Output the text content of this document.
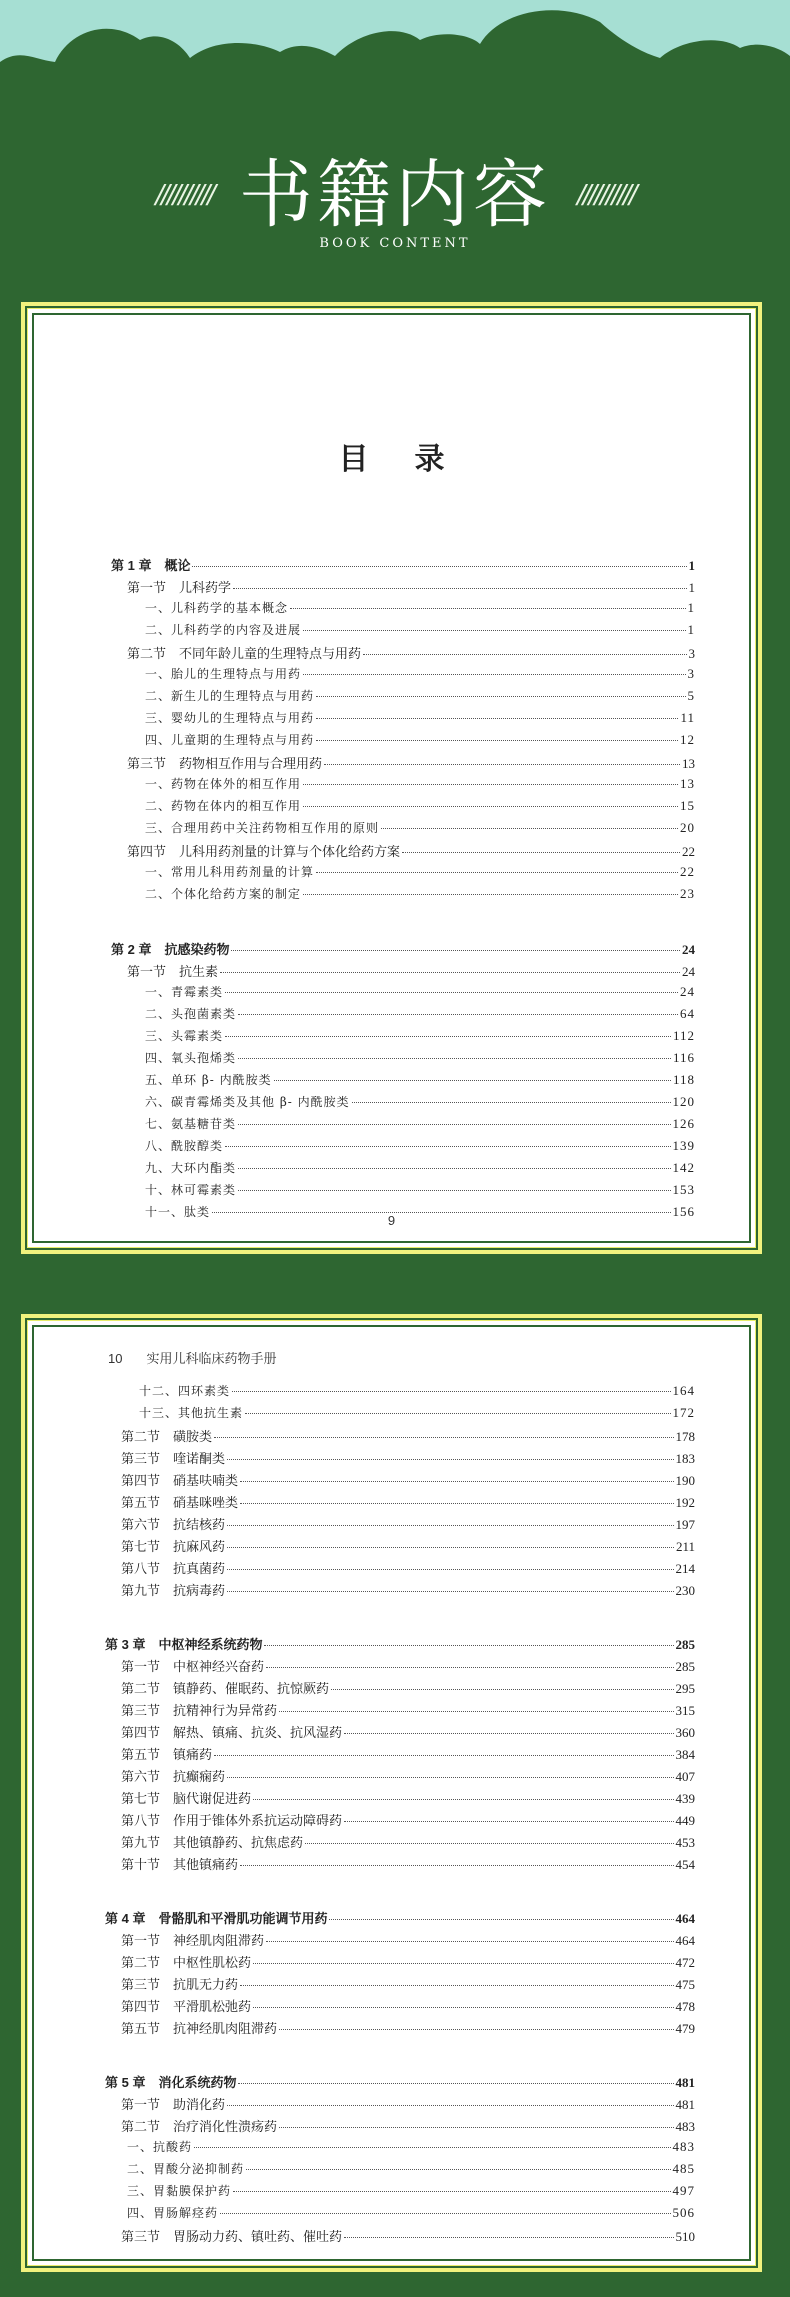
////////// 书籍内容 //////////
BOOK CONTENT
目录
第 1 章　概论	1
第一节　儿科药学	1
一、儿科药学的基本概念	1
二、儿科药学的内容及进展	1
第二节　不同年龄儿童的生理特点与用药	3
一、胎儿的生理特点与用药	3
二、新生儿的生理特点与用药	5
三、婴幼儿的生理特点与用药	11
四、儿童期的生理特点与用药	12
第三节　药物相互作用与合理用药	13
一、药物在体外的相互作用	13
二、药物在体内的相互作用	15
三、合理用药中关注药物相互作用的原则	20
第四节　儿科用药剂量的计算与个体化给药方案	22
一、常用儿科用药剂量的计算	22
二、个体化给药方案的制定	23
第 2 章　抗感染药物	24
第一节　抗生素	24
一、青霉素类	24
二、头孢菌素类	64
三、头霉素类	112
四、氧头孢烯类	116
五、单环 β- 内酰胺类	118
六、碳青霉烯类及其他 β- 内酰胺类	120
七、氨基糖苷类	126
八、酰胺醇类	139
九、大环内酯类	142
十、林可霉素类	153
十一、肽类	156
9
10 实用儿科临床药物手册
十二、四环素类	164
十三、其他抗生素	172
第二节　磺胺类	178
第三节　喹诺酮类	183
第四节　硝基呋喃类	190
第五节　硝基咪唑类	192
第六节　抗结核药	197
第七节　抗麻风药	211
第八节　抗真菌药	214
第九节　抗病毒药	230
第 3 章　中枢神经系统药物	285
第一节　中枢神经兴奋药	285
第二节　镇静药、催眠药、抗惊厥药	295
第三节　抗精神行为异常药	315
第四节　解热、镇痛、抗炎、抗风湿药	360
第五节　镇痛药	384
第六节　抗癫痫药	407
第七节　脑代谢促进药	439
第八节　作用于锥体外系抗运动障碍药	449
第九节　其他镇静药、抗焦虑药	453
第十节　其他镇痛药	454
第 4 章　骨骼肌和平滑肌功能调节用药	464
第一节　神经肌肉阻滞药	464
第二节　中枢性肌松药	472
第三节　抗肌无力药	475
第四节　平滑肌松弛药	478
第五节　抗神经肌肉阻滞药	479
第 5 章　消化系统药物	481
第一节　助消化药	481
第二节　治疗消化性溃疡药	483
一、抗酸药	483
二、胃酸分泌抑制药	485
三、胃黏膜保护药	497
四、胃肠解痉药	506
第三节　胃肠动力药、镇吐药、催吐药	510
